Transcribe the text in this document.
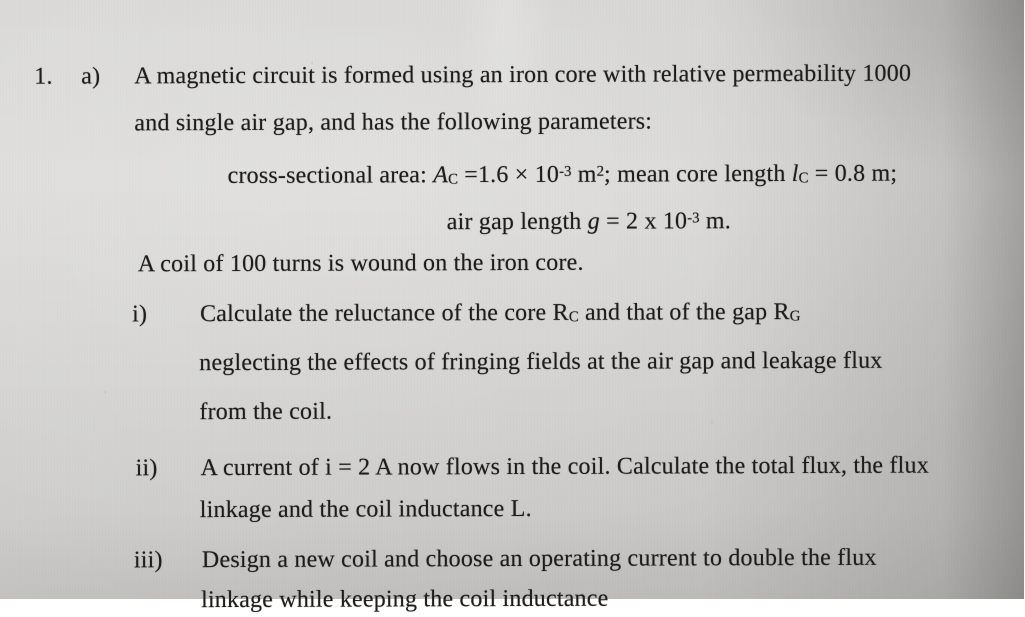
1. a) A magnetic circuit is formed using an iron core with relative permeability 1000
and single air gap, and has the following parameters:
cross-sectional area: AC $=1.6 \times 10^{-3}$ $m^2$; mean core length lC = 0.8 m;
air gap length g = 2 x $10^{-3}$ m.
A coil of 100 turns is wound on the iron core.
i) Calculate the reluctance of the core RC and that of the gap RG
neglecting the effects of fringing fields at the air gap and leakage flux
from the coil.
ii) A current of i = 2 A now flows in the coil. Calculate the total flux, the flux
linkage and the coil inductance L.
iii) Design a new coil and choose an operating current to double the flux
linkage while keeping the coil inductance
